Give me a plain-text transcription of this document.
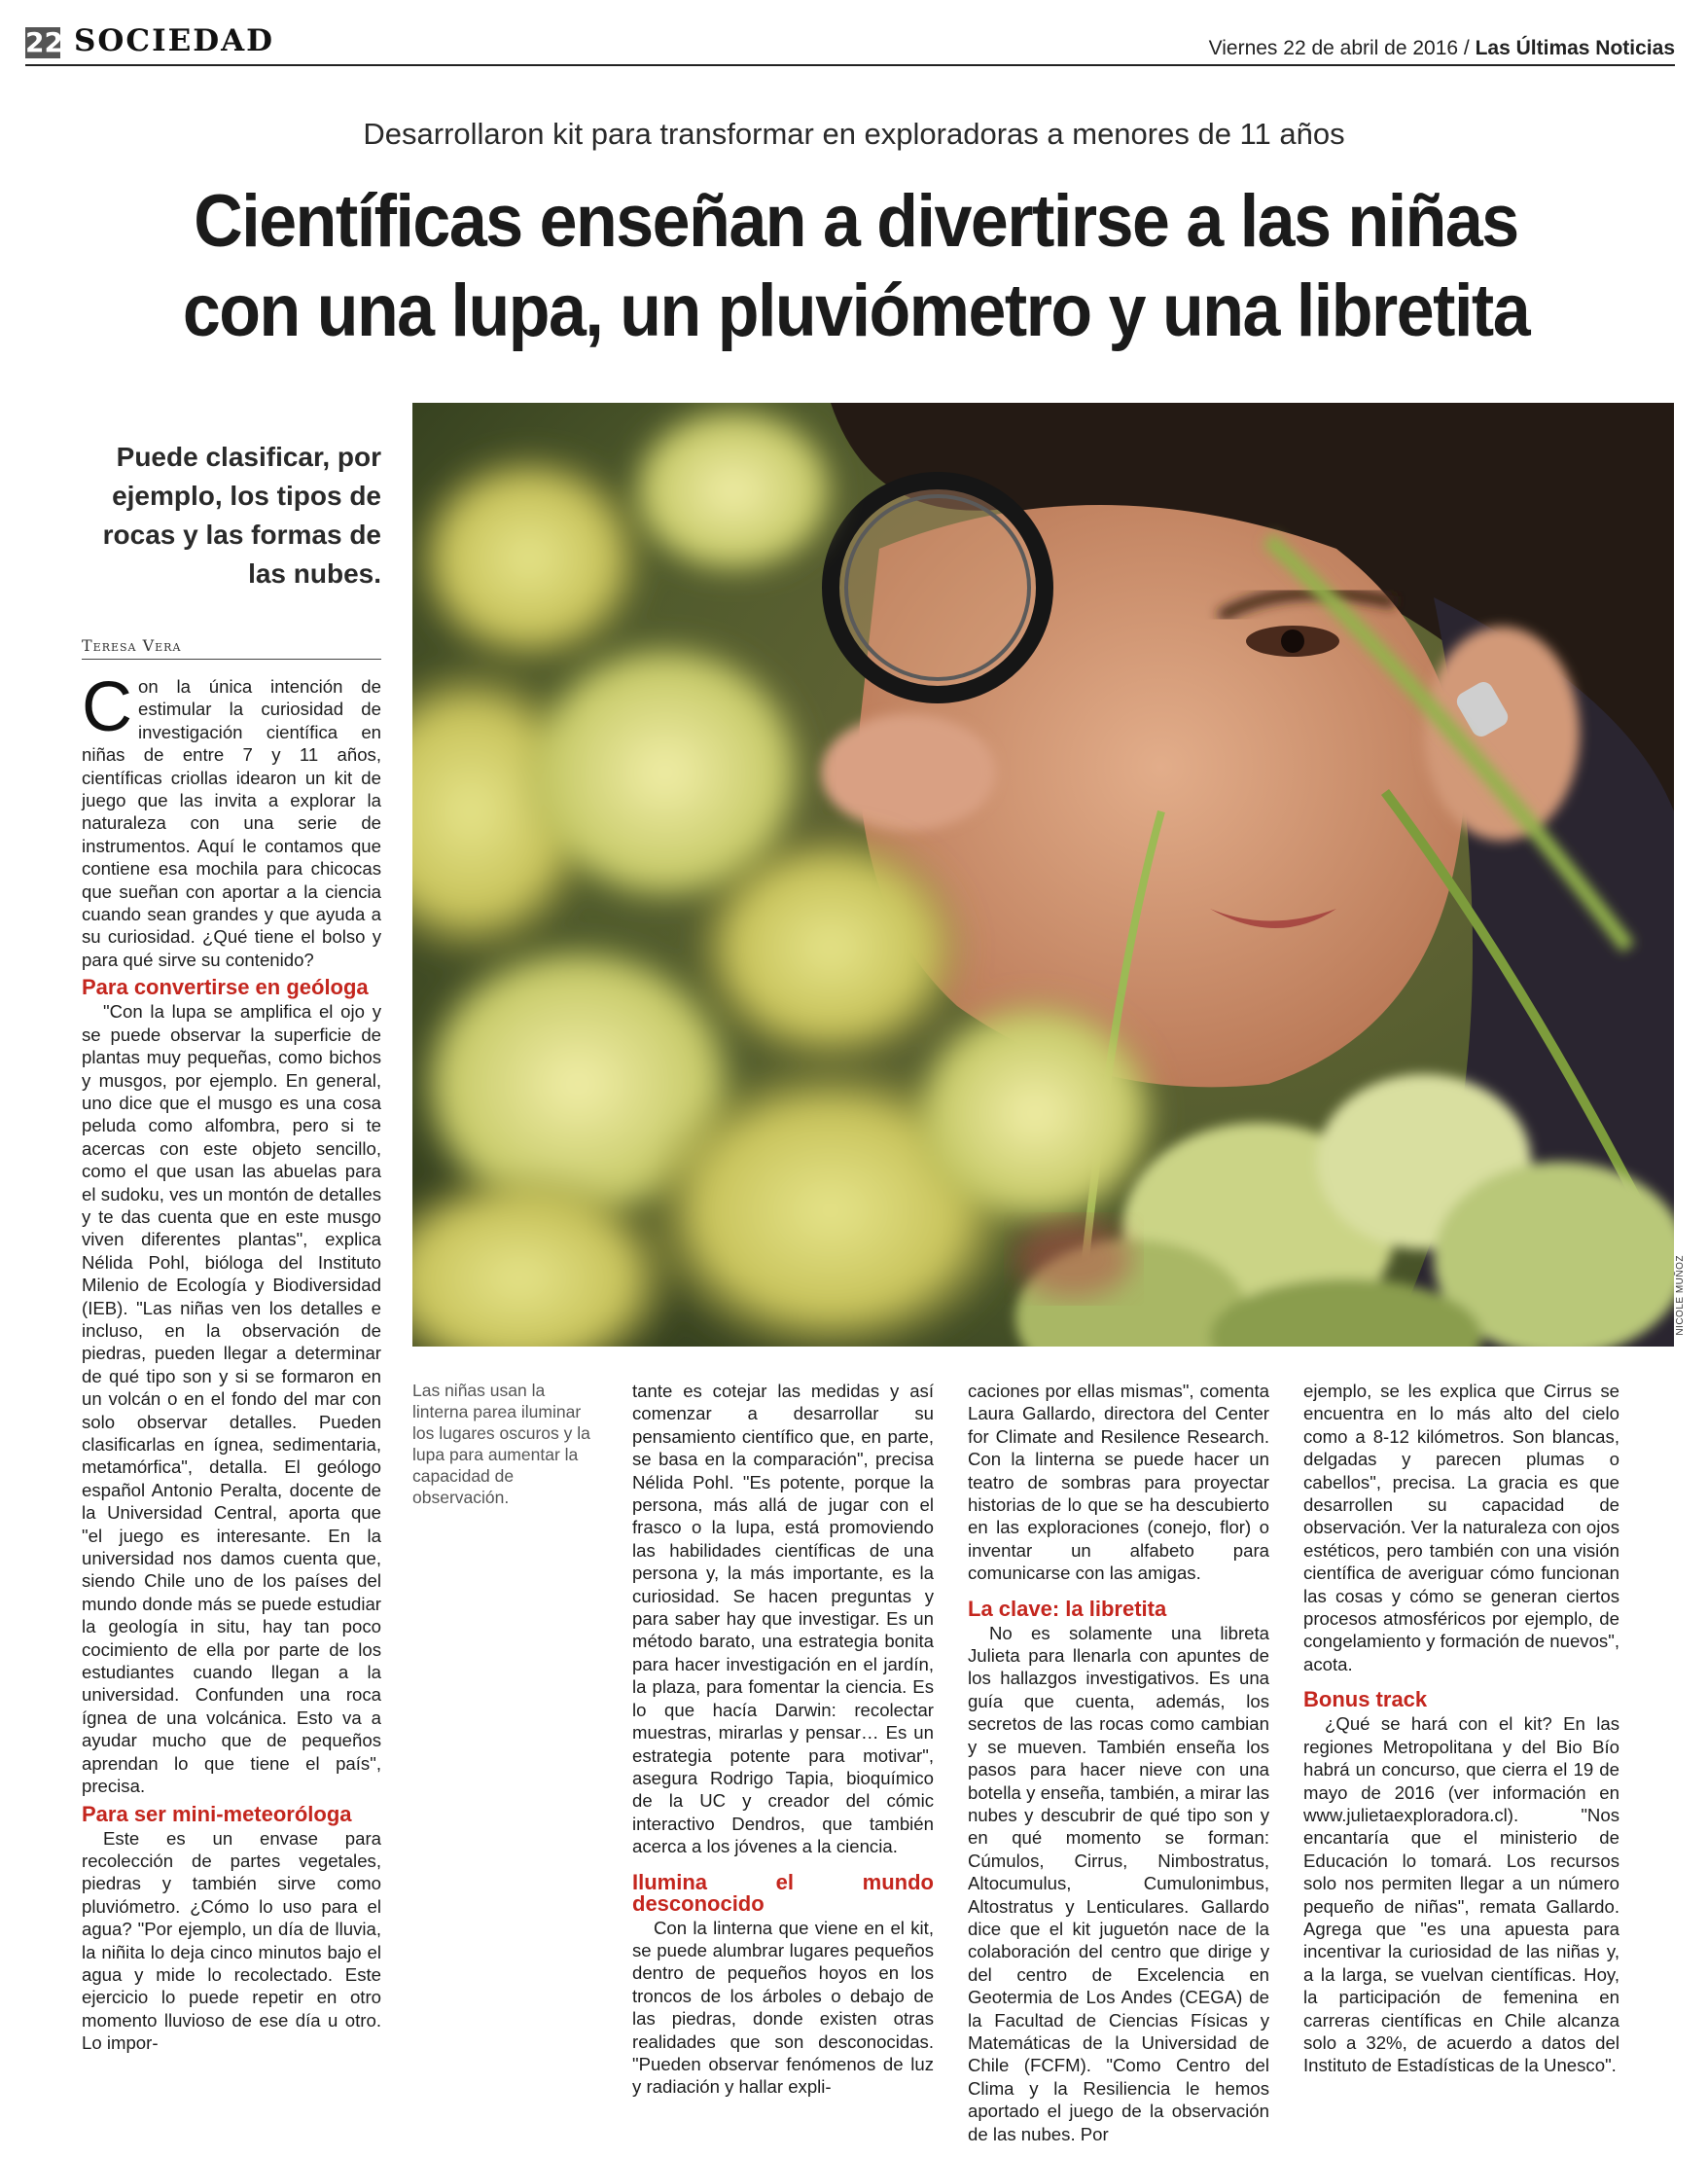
22 SOCIEDAD	Viernes 22 de abril de 2016 / Las Últimas Noticias
Desarrollaron kit para transformar en exploradoras a menores de 11 años
Científicas enseñan a divertirse a las niñas
con una lupa, un pluviómetro y una libretita
NICOLE MUÑOZ
Puede clasificar, por ejemplo, los tipos de rocas y las formas de las nubes.
Teresa Vera

Con la única intención de estimular la curiosidad de investigación científica en niñas de entre 7 y 11 años, científicas criollas idearon un kit de juego que las invita a explorar la naturaleza con una serie de instrumentos. Aquí le contamos que contiene esa mochila para chicocas que sueñan con aportar a la ciencia cuando sean grandes y que ayuda a su curiosidad. ¿Qué tiene el bolso y para qué sirve su contenido?

Para convertirse en geóloga

"Con la lupa se amplifica el ojo y se puede observar la superficie de plantas muy pequeñas, como bichos y musgos, por ejemplo. En general, uno dice que el musgo es una cosa peluda como alfombra, pero si te acercas con este objeto sencillo, como el que usan las abuelas para el sudoku, ves un montón de detalles y te das cuenta que en este musgo viven diferentes plantas", explica Nélida Pohl, bióloga del Instituto Milenio de Ecología y Biodiversidad (IEB). "Las niñas ven los detalles e incluso, en la observación de piedras, pueden llegar a determinar de qué tipo son y si se formaron en un volcán o en el fondo del mar con solo observar detalles. Pueden clasificarlas en ígnea, sedimentaria, metamórfica", detalla. El geólogo español Antonio Peralta, docente de la Universidad Central, aporta que "el juego es interesante. En la universidad nos damos cuenta que, siendo Chile uno de los países del mundo donde más se puede estudiar la geología in situ, hay tan poco cocimiento de ella por parte de los estudiantes cuando llegan a la universidad. Confunden una roca ígnea de una volcánica. Esto va a ayudar mucho que de pequeños aprendan lo que tiene el país", precisa.

Para ser mini-meteoróloga

Este es un envase para recolección de partes vegetales, piedras y también sirve como pluviómetro. ¿Cómo lo uso para el agua? "Por ejemplo, un día de lluvia, la niñita lo deja cinco minutos bajo el agua y mide lo recolectado. Este ejercicio lo puede repetir en otro momento lluvioso de ese día u otro. Lo impor-

Las niñas usan la linterna parea iluminar los lugares oscuros y la lupa para aumentar la capacidad de observación.

tante es cotejar las medidas y así comenzar a desarrollar su pensamiento científico que, en parte, se basa en la comparación", precisa Nélida Pohl. "Es potente, porque la persona, más allá de jugar con el frasco o la lupa, está promoviendo las habilidades científicas de una persona y, la más importante, es la curiosidad. Se hacen preguntas y para saber hay que investigar. Es un método barato, una estrategia bonita para hacer investigación en el jardín, la plaza, para fomentar la ciencia. Es lo que hacía Darwin: recolectar muestras, mirarlas y pensar… Es un estrategia potente para motivar", asegura Rodrigo Tapia, bioquímico de la UC y creador del cómic interactivo Dendros, que también acerca a los jóvenes a la ciencia.

Ilumina el mundo desconocido

Con la linterna que viene en el kit, se puede alumbrar lugares pequeños dentro de pequeños hoyos en los troncos de los árboles o debajo de las piedras, donde existen otras realidades que son desconocidas. "Pueden observar fenómenos de luz y radiación y hallar expli-

caciones por ellas mismas", comenta Laura Gallardo, directora del Center for Climate and Resilence Research. Con la linterna se puede hacer un teatro de sombras para proyectar historias de lo que se ha descubierto en las exploraciones (conejo, flor) o inventar un alfabeto para comunicarse con las amigas.

La clave: la libretita

No es solamente una libreta Julieta para llenarla con apuntes de los hallazgos investigativos. Es una guía que cuenta, además, los secretos de las rocas como cambian y se mueven. También enseña los pasos para hacer nieve con una botella y enseña, también, a mirar las nubes y descubrir de qué tipo son y en qué momento se forman: Cúmulos, Cirrus, Nimbostratus, Altocumulus, Cumulonimbus, Altostratus y Lenticulares. Gallardo dice que el kit juguetón nace de la colaboración del centro que dirige y del centro de Excelencia en Geotermia de Los Andes (CEGA) de la Facultad de Ciencias Físicas y Matemáticas de la Universidad de Chile (FCFM). "Como Centro del Clima y la Resiliencia le hemos aportado el juego de la observación de las nubes. Por

ejemplo, se les explica que Cirrus se encuentra en lo más alto del cielo como a 8-12 kilómetros. Son blancas, delgadas y parecen plumas o cabellos", precisa. La gracia es que desarrollen su capacidad de observación. Ver la naturaleza con ojos estéticos, pero también con una visión científica de averiguar cómo funcionan las cosas y cómo se generan ciertos procesos atmosféricos por ejemplo, de congelamiento y formación de nuevos", acota.

Bonus track

¿Qué se hará con el kit? En las regiones Metropolitana y del Bio Bío habrá un concurso, que cierra el 19 de mayo de 2016 (ver información en www.julietaexploradora.cl). "Nos encantaría que el ministerio de Educación lo tomará. Los recursos solo nos permiten llegar a un número pequeño de niñas", remata Gallardo. Agrega que "es una apuesta para incentivar la curiosidad de las niñas y, a la larga, se vuelvan científicas. Hoy, la participación de femenina en carreras científicas en Chile alcanza solo a 32%, de acuerdo a datos del Instituto de Estadísticas de la Unesco".
